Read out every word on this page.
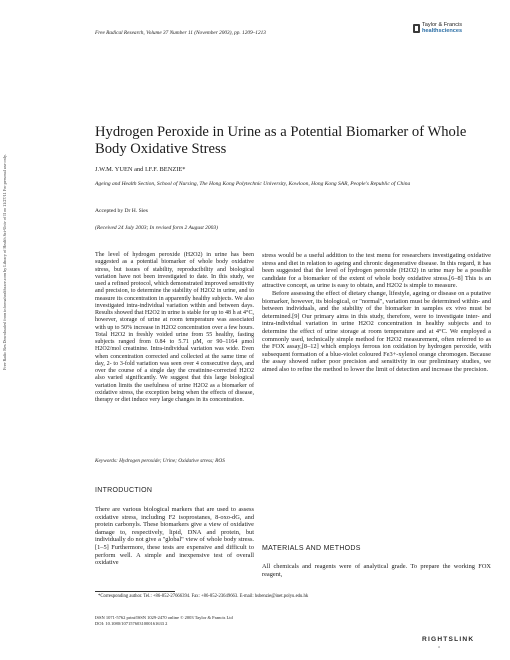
Free Radical Research, Volume 37 Number 11 (November 2003), pp. 1209–1213
Taylor & Francis
healthsciences
Free Radic Res Downloaded from informahealthcare.com by Library of Health Sci-Univ of Il on 11/27/11 For personal use only.
Hydrogen Peroxide in Urine as a Potential Biomarker of Whole Body Oxidative Stress
J.W.M. YUEN and I.F.F. BENZIE*
Ageing and Health Section, School of Nursing, The Hong Kong Polytechnic University, Kowloon, Hong Kong SAR, People's Republic of China
Accepted by Dr H. Sies
(Received 24 July 2003; In revised form 2 August 2003)

The level of hydrogen peroxide (H2O2) in urine has been suggested as a potential biomarker of whole body oxidative stress, but issues of stability, reproducibility and biological variation have not been investigated to date. In this study, we used a refined protocol, which demonstrated improved sensitivity and precision, to determine the stability of H2O2 in urine, and to measure its concentration in apparently healthy subjects. We also investigated intra-individual variation within and between days. Results showed that H2O2 in urine is stable for up to 48 h at 4°C, however, storage of urine at room temperature was associated with up to 50% increase in H2O2 concentration over a few hours. Total H2O2 in freshly voided urine from 55 healthy, fasting subjects ranged from 0.84 to 5.71 μM, or 90–1164 μmol H2O2/mol creatinine. Intra-individual variation was wide. Even when concentration corrected and collected at the same time of day, 2- to 3-fold variation was seen over 4 consecutive days, and over the course of a single day the creatinine-corrected H2O2 also varied significantly. We suggest that this large biological variation limits the usefulness of urine H2O2 as a biomarker of oxidative stress, the exception being when the effects of disease, therapy or diet induce very large changes in its concentration.

Keywords: Hydrogen peroxide; Urine; Oxidative stress; ROS
INTRODUCTION

There are various biological markers that are used to assess oxidative stress, including F2 isoprostanes, 8-oxo-dG, and protein carbonyls. These biomarkers give a view of oxidative damage to, respectively, lipid, DNA and protein, but individually do not give a "global" view of whole body stress.[1–5] Furthermore, these tests are expensive and difficult to perform well. A simple and inexpensive test of overall oxidative

stress would be a useful addition to the test menu for researchers investigating oxidative stress and diet in relation to ageing and chronic degenerative disease. In this regard, it has been suggested that the level of hydrogen peroxide (H2O2) in urine may be a possible candidate for a biomarker of the extent of whole body oxidative stress.[6–8] This is an attractive concept, as urine is easy to obtain, and H2O2 is simple to measure.

Before assessing the effect of dietary change, lifestyle, ageing or disease on a putative biomarker, however, its biological, or "normal", variation must be determined within- and between individuals, and the stability of the biomarker in samples ex vivo must be determined.[9] Our primary aims in this study, therefore, were to investigate inter- and intra-individual variation in urine H2O2 concentration in healthy subjects and to determine the effect of urine storage at room temperature and at 4°C. We employed a commonly used, technically simple method for H2O2 measurement, often referred to as the FOX assay,[8–12] which employs ferrous ion oxidation by hydrogen peroxide, with subsequent formation of a blue-violet coloured Fe3+-xylenol orange chromogen. Because the assay showed rather poor precision and sensitivity in our preliminary studies, we aimed also to refine the method to lower the limit of detection and increase the precision.

MATERIALS AND METHODS

All chemicals and reagents were of analytical grade. To prepare the working FOX reagent,

*Corresponding author. Tel.: +86-852-27666394. Fax: +86-852-23649663. E-mail: hsbenzie@inet.polyu.edu.hk
ISSN 1071-5762 print/ISSN 1029-2470 online © 2003 Taylor & Francis Ltd
DOI: 10.1080/1071576031000161633 2
RIGHTSLINK
a
